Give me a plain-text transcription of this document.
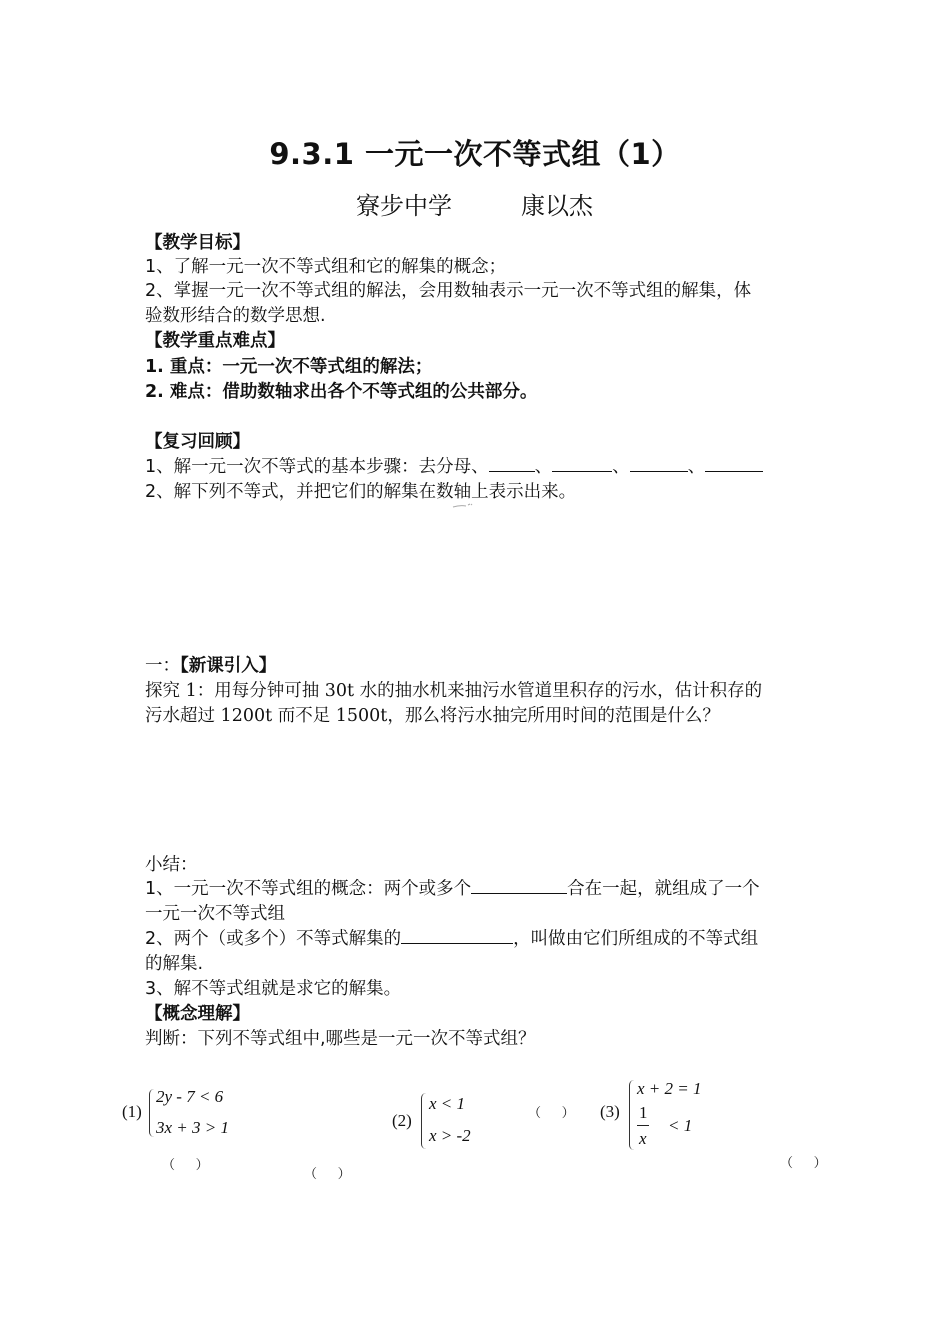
9.3.1 一元一次不等式组（1）
寮步中学	康以杰
【教学目标】
1、了解一元一次不等式组和它的解集的概念；
2、掌握一元一次不等式组的解法，会用数轴表示一元一次不等式组的解集，体
验数形结合的数学思想.
【教学重点难点】
1. 重点：一元一次不等式组的解法；
2. 难点：借助数轴求出各个不等式组的公共部分。
【复习回顾】
1、解一元一次不等式的基本步骤：去分母、	、	、	、
2、解下列不等式，并把它们的解集在数轴上表示出来。
一：【新课引入】
探究 1：用每分钟可抽 30t 水的抽水机来抽污水管道里积存的污水，估计积存的
污水超过 1200t 而不足 1500t，那么将污水抽完所用时间的范围是什么？
小结：
1、一元一次不等式组的概念：两个或多个	合在一起，就组成了一个
一元一次不等式组
2、两个（或多个）不等式解集的	，叫做由它们所组成的不等式组
的解集.
3、解不等式组就是求它的解集。
【概念理解】
判断：下列不等式组中,哪些是一元一次不等式组？
(1)
2y - 7 < 6
3x + 3 > 1	(2)
x < 1
x > -2
(3)
x + 2 = 1
1
x
< 1
（     ）
（     ）
（     ）
（     ）
